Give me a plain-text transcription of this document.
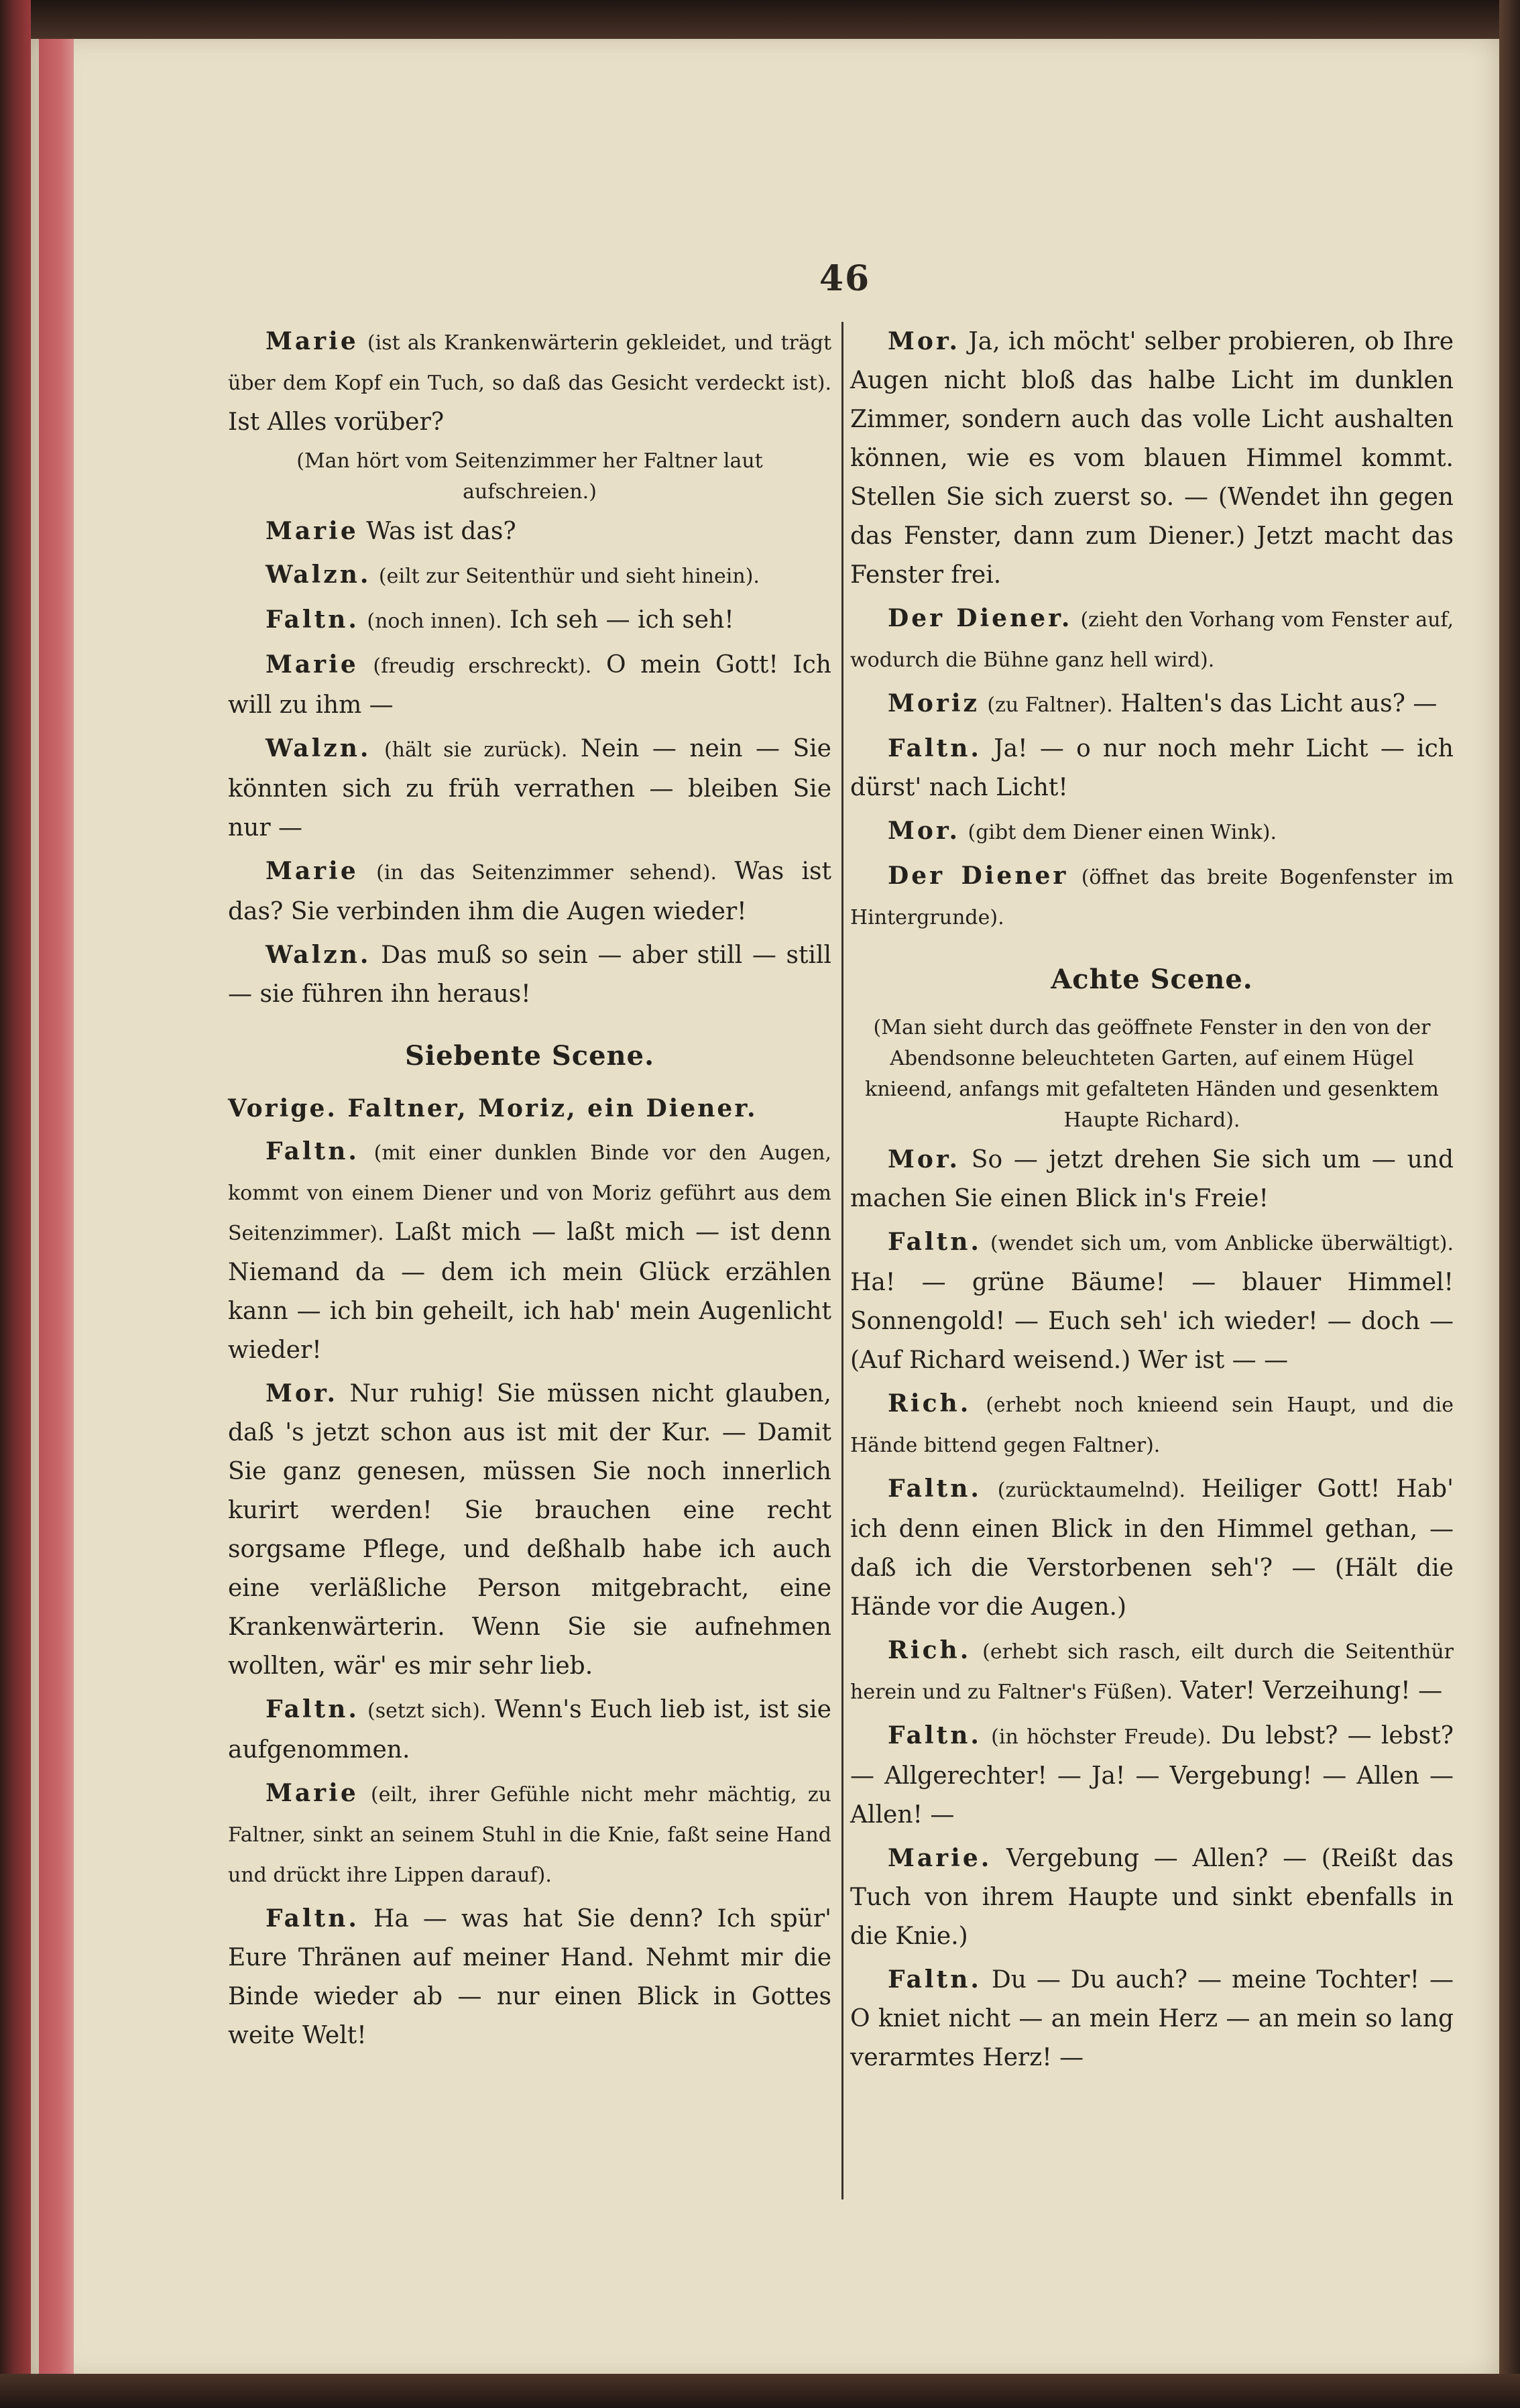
46

Marie (ist als Krankenwärterin gekleidet, und trägt über dem Kopf ein Tuch, so daß das Gesicht verdeckt ist). Ist Alles vorüber?

(Man hört vom Seitenzimmer her Faltner laut aufschreien.)

Marie Was ist das?

Walzn. (eilt zur Seitenthür und sieht hinein).

Faltn. (noch innen). Ich seh — ich seh!

Marie (freudig erschreckt). O mein Gott! Ich will zu ihm —

Walzn. (hält sie zurück). Nein — nein — Sie könnten sich zu früh verrathen — bleiben Sie nur —

Marie (in das Seitenzimmer sehend). Was ist das? Sie verbinden ihm die Augen wieder!

Walzn. Das muß so sein — aber still — still — sie führen ihn heraus!

Siebente Scene.

Vorige. Faltner, Moriz, ein Diener.

Faltn. (mit einer dunklen Binde vor den Augen, kommt von einem Diener und von Moriz geführt aus dem Seitenzimmer). Laßt mich — laßt mich — ist denn Niemand da — dem ich mein Glück erzählen kann — ich bin geheilt, ich hab' mein Augenlicht wieder!

Mor. Nur ruhig! Sie müssen nicht glauben, daß 's jetzt schon aus ist mit der Kur. — Damit Sie ganz genesen, müssen Sie noch innerlich kurirt werden! Sie brauchen eine recht sorgsame Pflege, und deßhalb habe ich auch eine verläßliche Person mitgebracht, eine Krankenwärterin. Wenn Sie sie aufnehmen wollten, wär' es mir sehr lieb.

Faltn. (setzt sich). Wenn's Euch lieb ist, ist sie aufgenommen.

Marie (eilt, ihrer Gefühle nicht mehr mächtig, zu Faltner, sinkt an seinem Stuhl in die Knie, faßt seine Hand und drückt ihre Lippen darauf).

Faltn. Ha — was hat Sie denn? Ich spür' Eure Thränen auf meiner Hand. Nehmt mir die Binde wieder ab — nur einen Blick in Gottes weite Welt!

Mor. Ja, ich möcht' selber probieren, ob Ihre Augen nicht bloß das halbe Licht im dunklen Zimmer, sondern auch das volle Licht aushalten können, wie es vom blauen Himmel kommt. Stellen Sie sich zuerst so. — (Wendet ihn gegen das Fenster, dann zum Diener.) Jetzt macht das Fenster frei.

Der Diener. (zieht den Vorhang vom Fenster auf, wodurch die Bühne ganz hell wird).

Moriz (zu Faltner). Halten's das Licht aus? —

Faltn. Ja! — o nur noch mehr Licht — ich dürst' nach Licht!

Mor. (gibt dem Diener einen Wink).

Der Diener (öffnet das breite Bogenfenster im Hintergrunde).

Achte Scene.

(Man sieht durch das geöffnete Fenster in den von der Abendsonne beleuchteten Garten, auf einem Hügel knieend, anfangs mit gefalteten Händen und gesenktem Haupte Richard).

Mor. So — jetzt drehen Sie sich um — und machen Sie einen Blick in's Freie!

Faltn. (wendet sich um, vom Anblicke überwältigt). Ha! — grüne Bäume! — blauer Himmel! Sonnengold! — Euch seh' ich wieder! — doch — (Auf Richard weisend.) Wer ist — —

Rich. (erhebt noch knieend sein Haupt, und die Hände bittend gegen Faltner).

Faltn. (zurücktaumelnd). Heiliger Gott! Hab' ich denn einen Blick in den Himmel gethan, — daß ich die Verstorbenen seh'? — (Hält die Hände vor die Augen.)

Rich. (erhebt sich rasch, eilt durch die Seitenthür herein und zu Faltner's Füßen). Vater! Verzeihung! —

Faltn. (in höchster Freude). Du lebst? — lebst? — Allgerechter! — Ja! — Vergebung! — Allen — Allen! —

Marie. Vergebung — Allen? — (Reißt das Tuch von ihrem Haupte und sinkt ebenfalls in die Knie.)

Faltn. Du — Du auch? — meine Tochter! — O kniet nicht — an mein Herz — an mein so lang verarmtes Herz! —
